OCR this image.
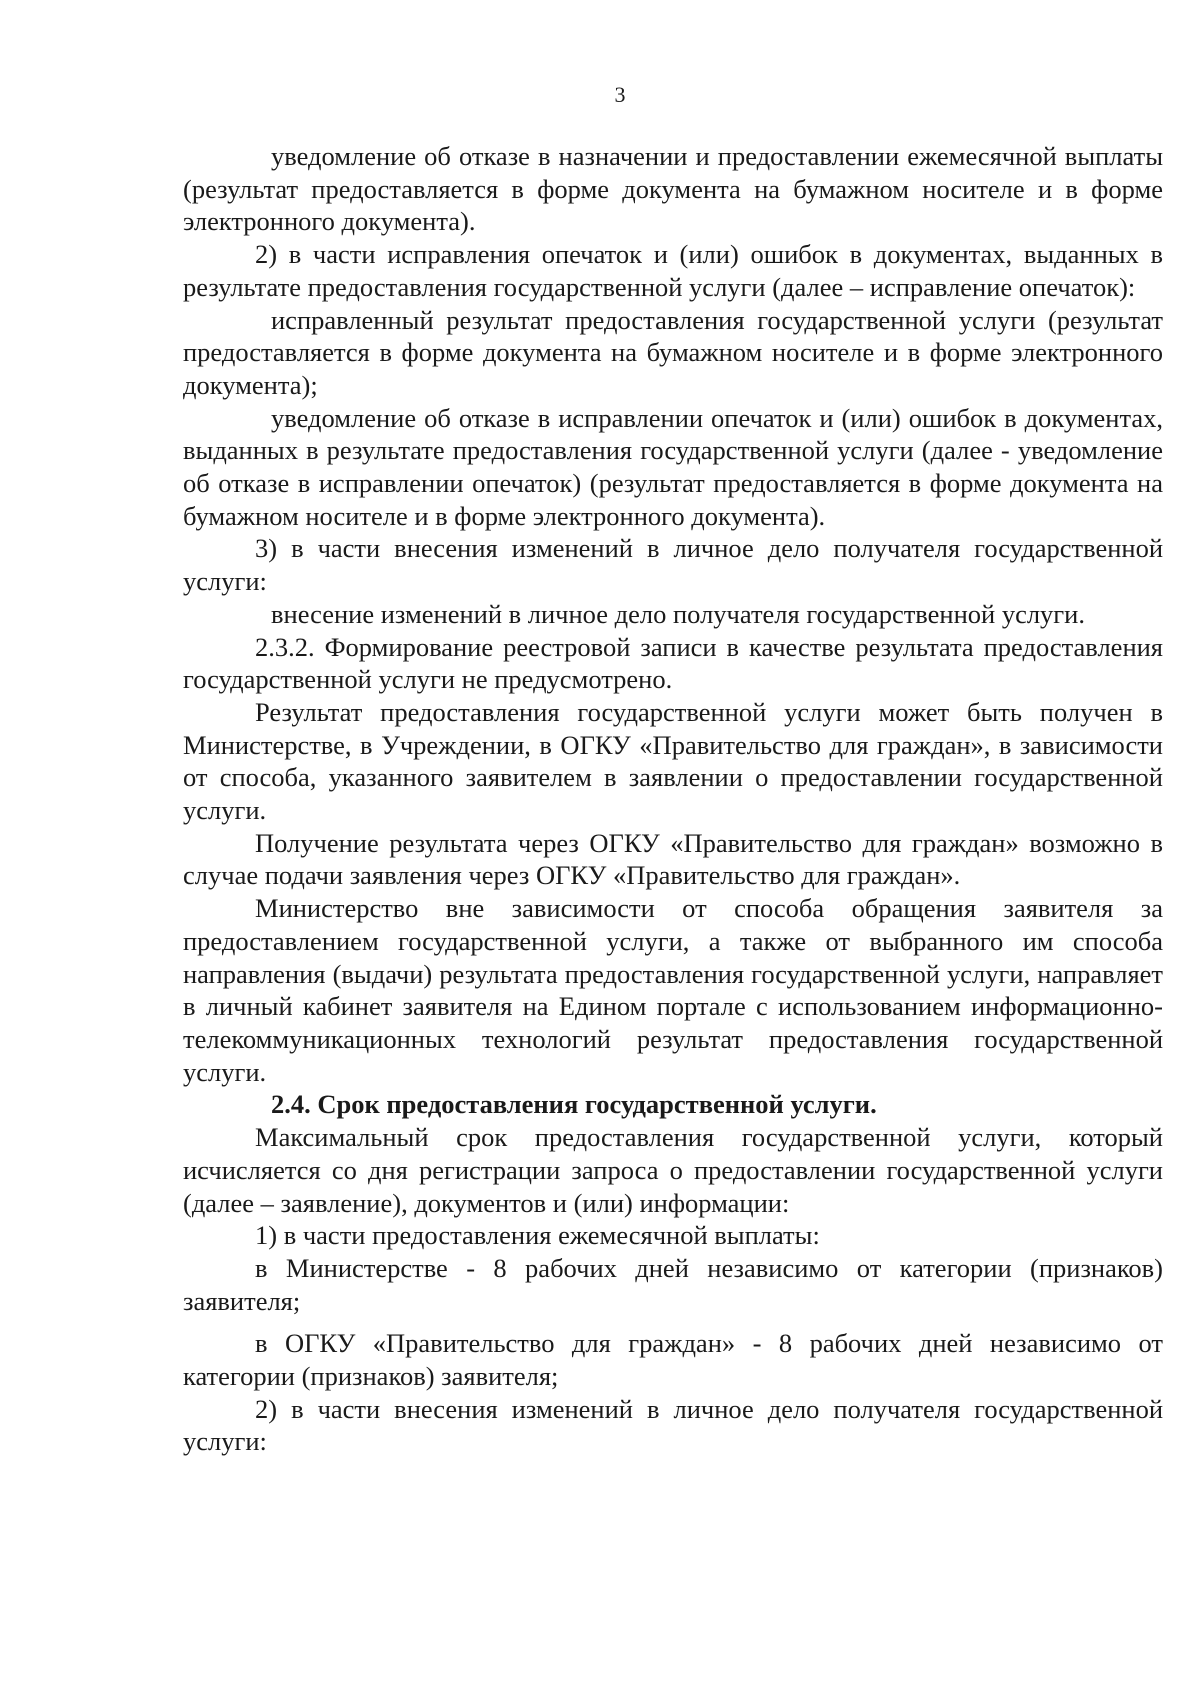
3

уведомление об отказе в назначении и предоставлении ежемесячной выплаты (результат предоставляется в форме документа на бумажном носителе и в форме электронного документа).

2) в части исправления опечаток и (или) ошибок в документах, выданных в результате предоставления государственной услуги (далее – исправление опечаток):

исправленный результат предоставления государственной услуги (результат предоставляется в форме документа на бумажном носителе и в форме электронного документа);

уведомление об отказе в исправлении опечаток и (или) ошибок в документах, выданных в результате предоставления государственной услуги (далее - уведомление об отказе в исправлении опечаток) (результат предоставляется в форме документа на бумажном носителе и в форме электронного документа).

3) в части внесения изменений в личное дело получателя государственной услуги:

внесение изменений в личное дело получателя государственной услуги.

2.3.2. Формирование реестровой записи в качестве результата предоставления государственной услуги не предусмотрено.

Результат предоставления государственной услуги может быть получен в Министерстве, в Учреждении, в ОГКУ «Правительство для граждан», в зависимости от способа, указанного заявителем в заявлении о предоставлении государственной услуги.

Получение результата через ОГКУ «Правительство для граждан» возможно в случае подачи заявления через ОГКУ «Правительство для граждан».

Министерство вне зависимости от способа обращения заявителя за предоставлением государственной услуги, а также от выбранного им способа направления (выдачи) результата предоставления государственной услуги, направляет в личный кабинет заявителя на Едином портале с использованием информационно-телекоммуникационных технологий результат предоставления государственной услуги.

2.4. Срок предоставления государственной услуги.

Максимальный срок предоставления государственной услуги, который исчисляется со дня регистрации запроса о предоставлении государственной услуги (далее – заявление), документов и (или) информации:

1) в части предоставления ежемесячной выплаты:

в Министерстве - 8 рабочих дней независимо от категории (признаков) заявителя;

в ОГКУ «Правительство для граждан» - 8 рабочих дней независимо от категории (признаков) заявителя;

2) в части внесения изменений в личное дело получателя государственной услуги:
